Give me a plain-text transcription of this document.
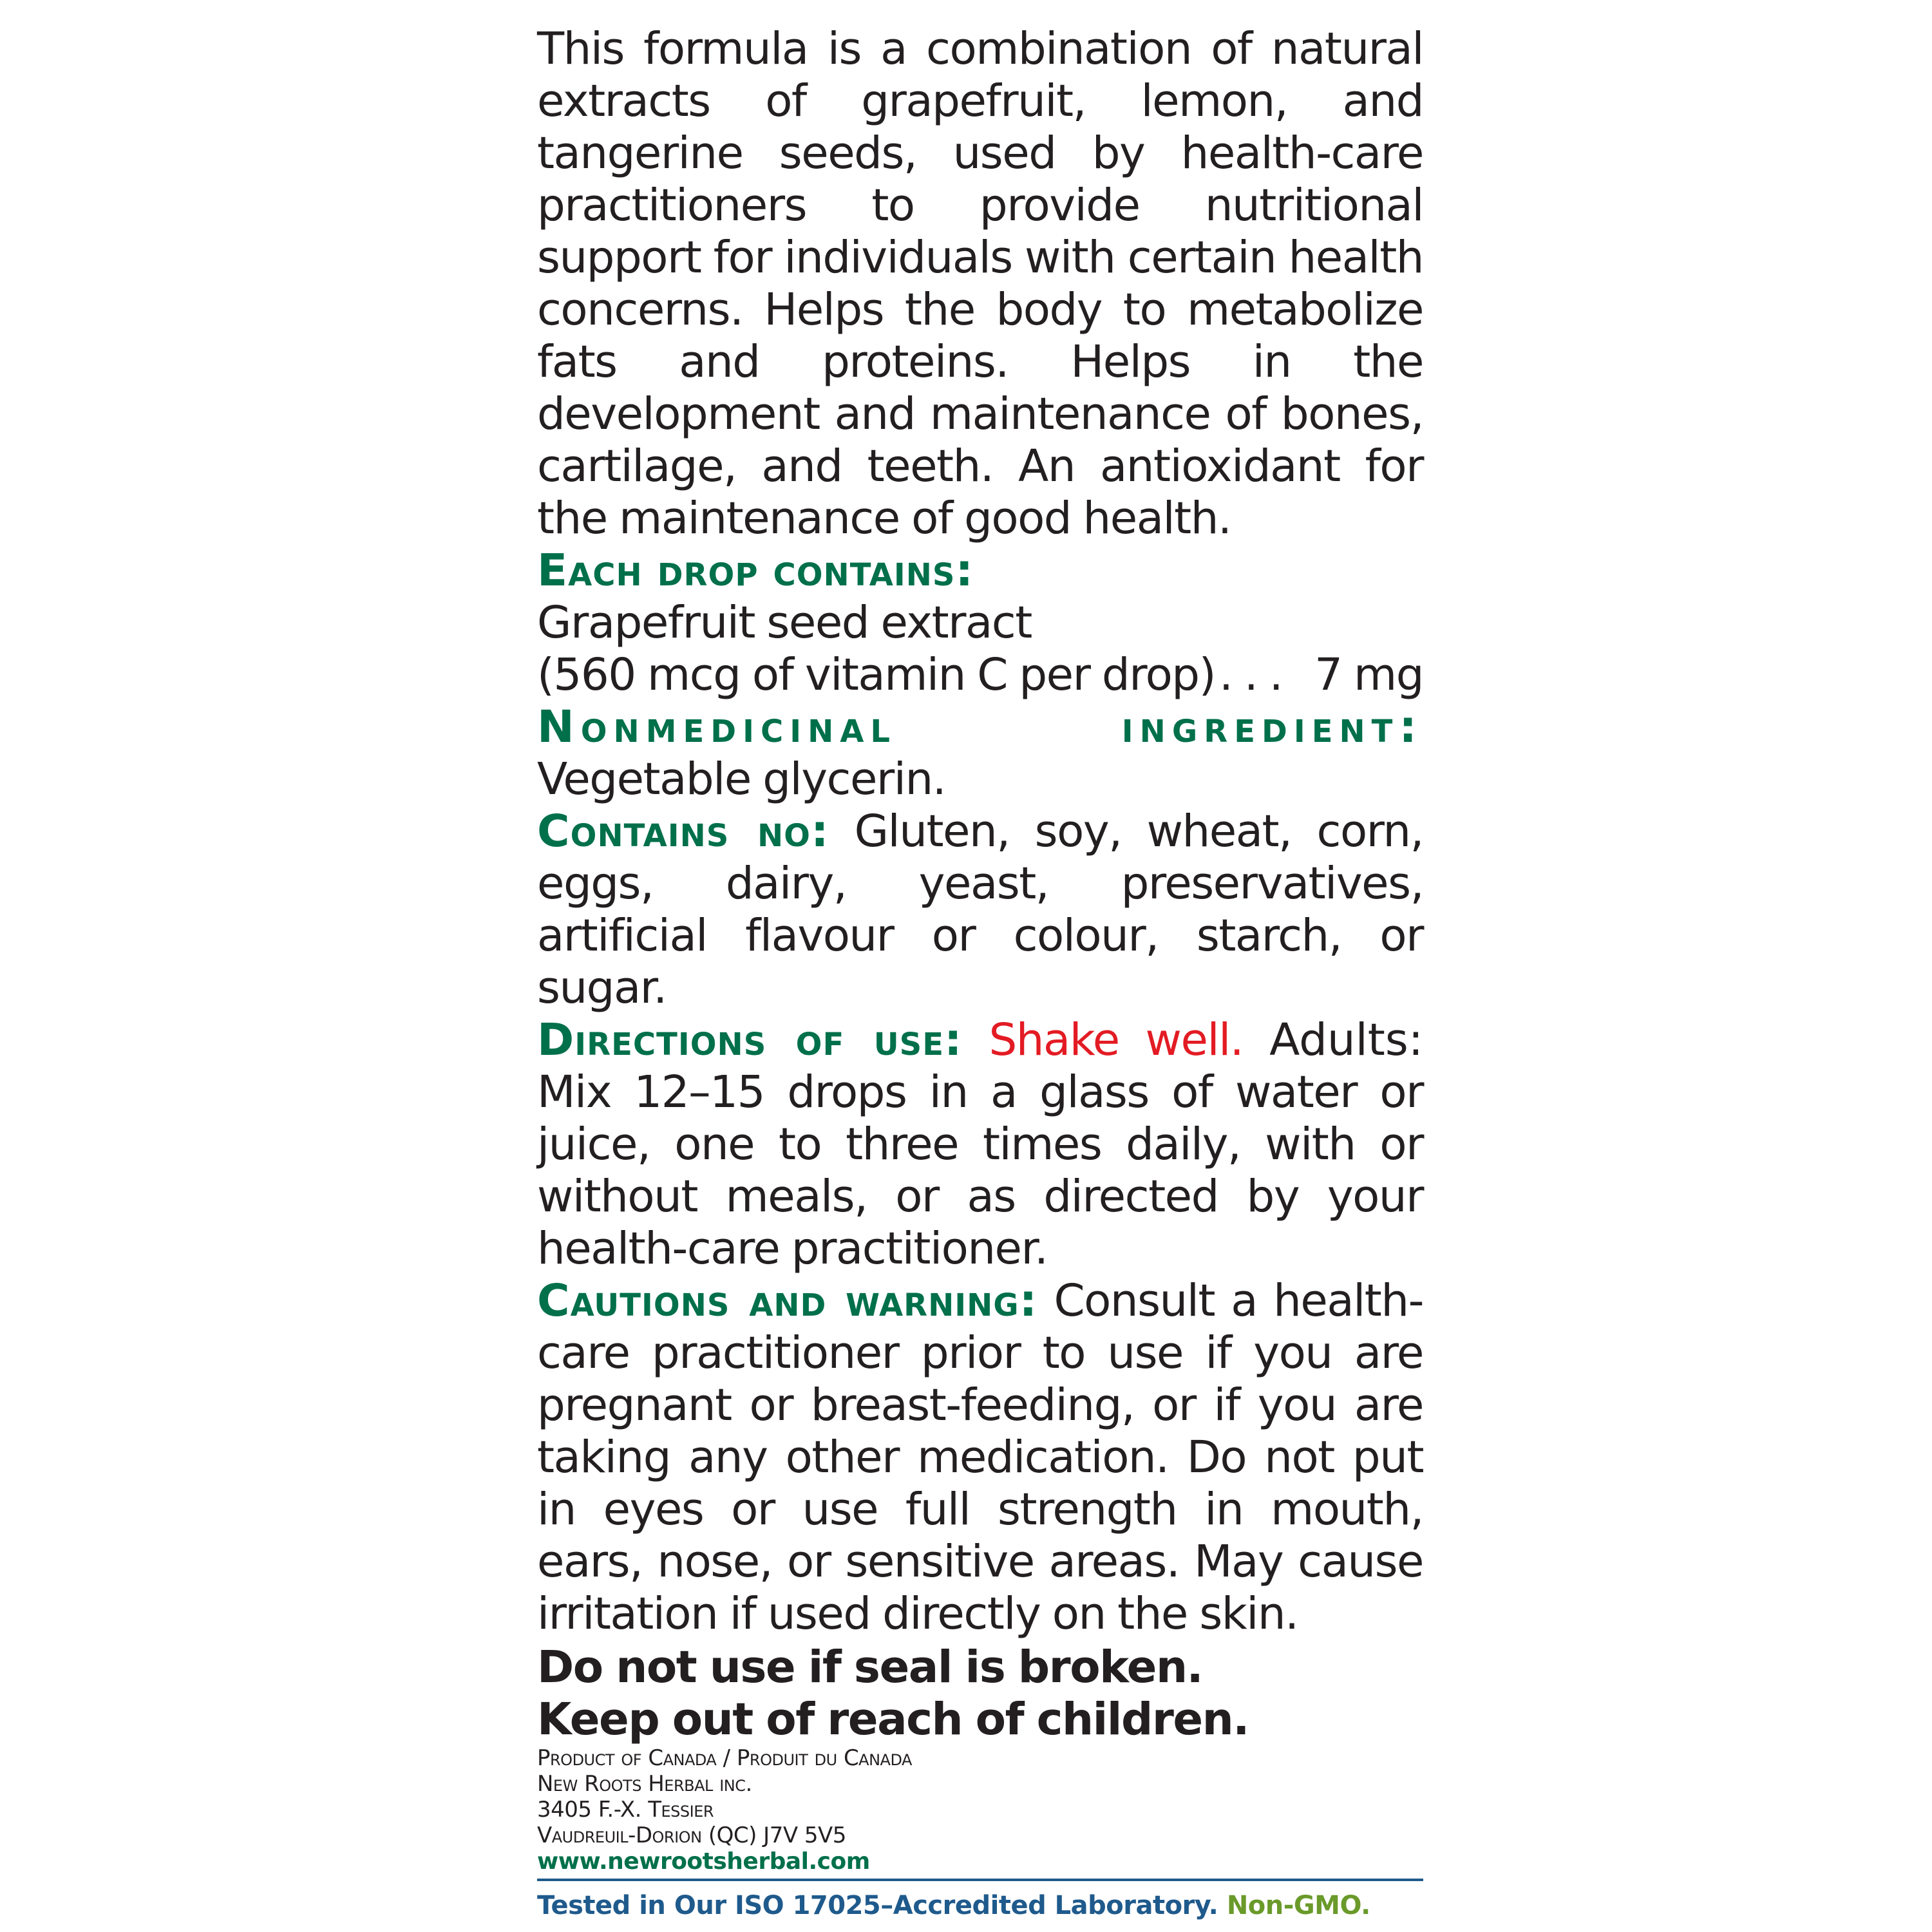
This formula is a combination of natural extracts of grapefruit, lemon, and tangerine seeds, used by health-care practitioners to provide nutritional support for individuals with certain health concerns. Helps the body to metabolize fats and proteins. Helps in the development and maintenance of bones, cartilage, and teeth. An antioxidant for the maintenance of good health.

Each drop contains:

Grapefruit seed extract

(560 mcg of vitamin C per drop). . . 7 mg

Nonmedicinal ingredient: Vegetable glycerin.

Contains no: Gluten, soy, wheat, corn, eggs, dairy, yeast, preservatives, artificial flavour or colour, starch, or sugar.

Directions of use: Shake well. Adults: Mix 12–15 drops in a glass of water or juice, one to three times daily, with or without meals, or as directed by your health-care practitioner.

Cautions and warning: Consult a health-care practitioner prior to use if you are pregnant or breast-feeding, or if you are taking any other medication. Do not put in eyes or use full strength in mouth, ears, nose, or sensitive areas. May cause irritation if used directly on the skin.

Do not use if seal is broken.

Keep out of reach of children.

Product of Canada / Produit du Canada
New Roots Herbal inc.
3405 F.-X. Tessier
Vaudreuil-Dorion (QC) J7V 5V5
www.newrootsherbal.com
Tested in Our ISO 17025–Accredited Laboratory. Non-GMO.
